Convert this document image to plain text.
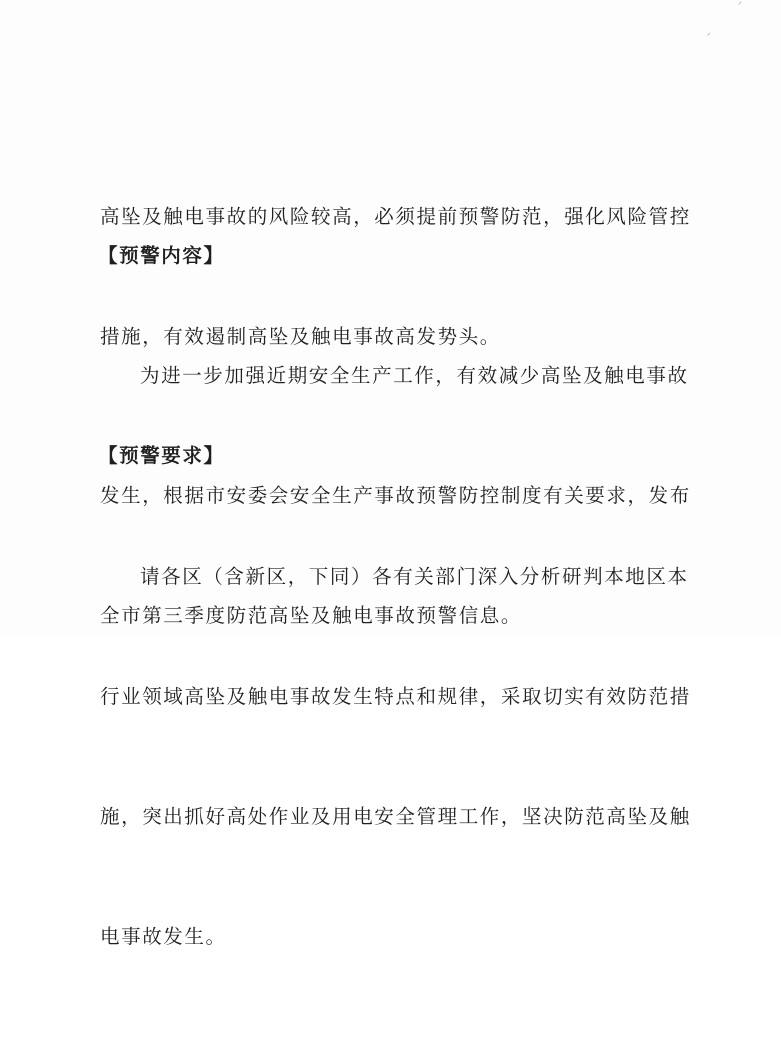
ᐟ
ᐟ

高坠及触电事故的风险较高，必须提前预警防范，强化风险管控

措施，有效遏制高坠及触电事故高发势头。

【预警内容】

为进一步加强近期安全生产工作，有效减少高坠及触电事故

发生，根据市安委会安全生产事故预警防控制度有关要求，发布

全市第三季度防范高坠及触电事故预警信息。

【预警要求】

请各区（含新区，下同）各有关部门深入分析研判本地区本

行业领域高坠及触电事故发生特点和规律，采取切实有效防范措

施，突出抓好高处作业及用电安全管理工作，坚决防范高坠及触

电事故发生。
